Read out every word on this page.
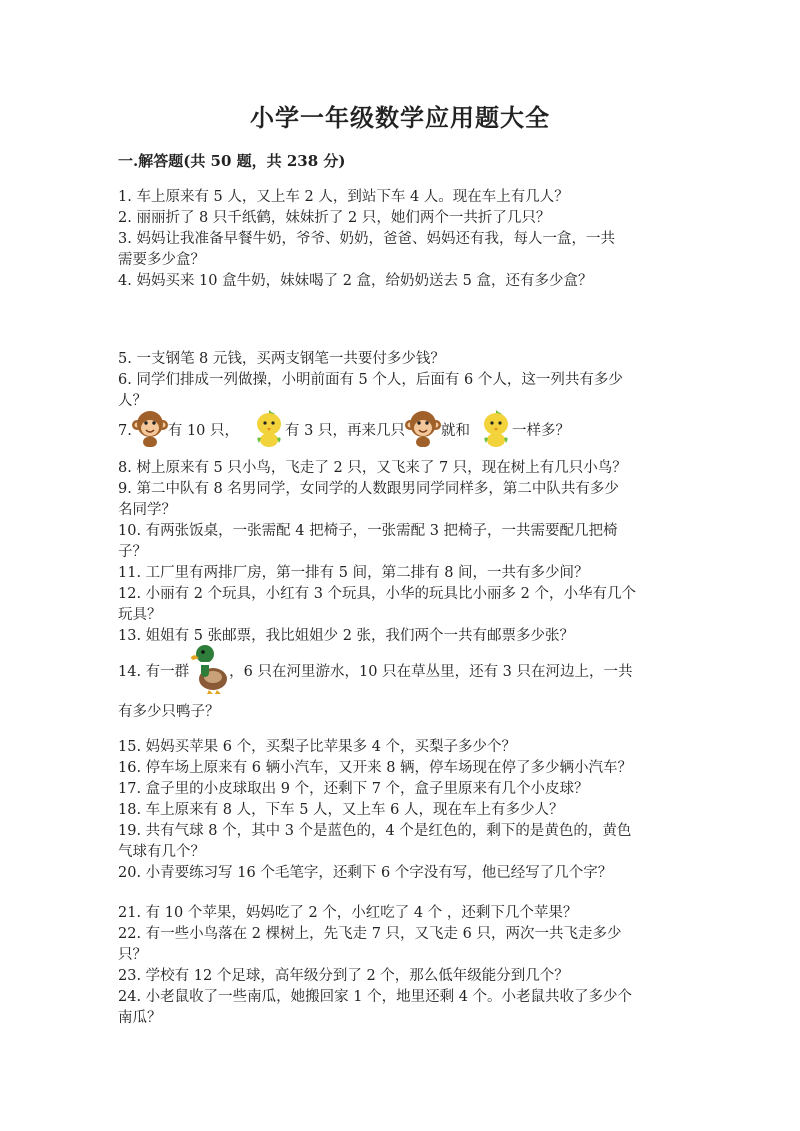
小学一年级数学应用题大全
一.解答题(共 50 题，共 238 分)
1. 车上原来有 5 人，又上车 2 人，到站下车 4 人。现在车上有几人？
2. 丽丽折了 8 只千纸鹤，妹妹折了 2 只，她们两个一共折了几只？
3. 妈妈让我准备早餐牛奶，爷爷、奶奶，爸爸、妈妈还有我，每人一盒，一共
需要多少盒？
4. 妈妈买来 10 盒牛奶，妹妹喝了 2 盒，给奶奶送去 5 盒，还有多少盒？
5. 一支钢笔 8 元钱，买两支钢笔一共要付多少钱？
6. 同学们排成一列做操，小明前面有 5 个人，后面有 6 个人，这一列共有多少
人？
7. 有 10 只，	有 3 只，再来几只 就和	一样多？
8. 树上原来有 5 只小鸟，飞走了 2 只，又飞来了 7 只，现在树上有几只小鸟？
9. 第二中队有 8 名男同学，女同学的人数跟男同学同样多，第二中队共有多少
名同学？
10. 有两张饭桌，一张需配 4 把椅子，一张需配 3 把椅子，一共需要配几把椅
子？
11. 工厂里有两排厂房，第一排有 5 间，第二排有 8 间，一共有多少间？
12. 小丽有 2 个玩具，小红有 3 个玩具，小华的玩具比小丽多 2 个，小华有几个
玩具？
13. 姐姐有 5 张邮票，我比姐姐少 2 张，我们两个一共有邮票多少张？
14. 有一群	，6 只在河里游水，10 只在草丛里，还有 3 只在河边上，一共
有多少只鸭子？
15. 妈妈买苹果 6 个，买梨子比苹果多 4 个，买梨子多少个？
16. 停车场上原来有 6 辆小汽车，又开来 8 辆，停车场现在停了多少辆小汽车？
17. 盒子里的小皮球取出 9 个，还剩下 7 个，盒子里原来有几个小皮球？
18. 车上原来有 8 人，下车 5 人，又上车 6 人，现在车上有多少人？
19. 共有气球 8 个，其中 3 个是蓝色的，4 个是红色的，剩下的是黄色的，黄色
气球有几个？
20. 小青要练习写 16 个毛笔字，还剩下 6 个字没有写，他已经写了几个字？
21. 有 10 个苹果，妈妈吃了 2 个，小红吃了 4 个 ，还剩下几个苹果？
22. 有一些小鸟落在 2 棵树上，先飞走 7 只，又飞走 6 只，两次一共飞走多少
只？
23. 学校有 12 个足球，高年级分到了 2 个，那么低年级能分到几个？
24. 小老鼠收了一些南瓜，她搬回家 1 个，地里还剩 4 个。小老鼠共收了多少个
南瓜？
